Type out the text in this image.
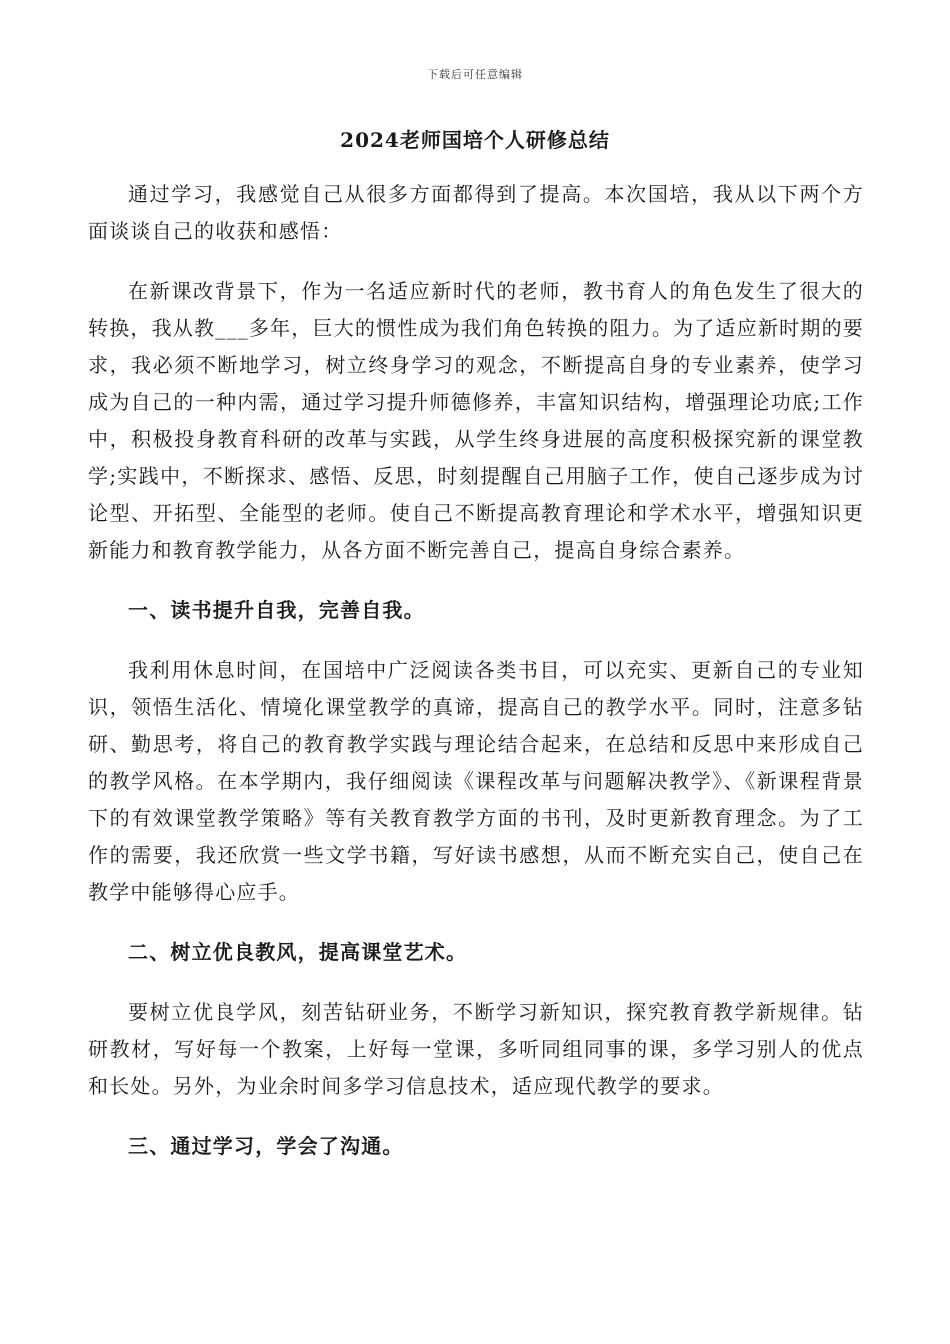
下载后可任意编辑
2024老师国培个人研修总结

通过学习，我感觉自己从很多方面都得到了提高。本次国培，我从以下两个方面谈谈自己的收获和感悟：

在新课改背景下，作为一名适应新时代的老师，教书育人的角色发生了很大的转换，我从教___多年，巨大的惯性成为我们角色转换的阻力。为了适应新时期的要求，我必须不断地学习，树立终身学习的观念，不断提高自身的专业素养，使学习成为自己的一种内需，通过学习提升师德修养，丰富知识结构，增强理论功底;工作中，积极投身教育科研的改革与实践，从学生终身进展的高度积极探究新的课堂教学;实践中，不断探求、感悟、反思，时刻提醒自己用脑子工作，使自己逐步成为讨论型、开拓型、全能型的老师。使自己不断提高教育理论和学术水平，增强知识更新能力和教育教学能力，从各方面不断完善自己，提高自身综合素养。

一、读书提升自我，完善自我。

我利用休息时间，在国培中广泛阅读各类书目，可以充实、更新自己的专业知识，领悟生活化、情境化课堂教学的真谛，提高自己的教学水平。同时，注意多钻研、勤思考，将自己的教育教学实践与理论结合起来，在总结和反思中来形成自己的教学风格。在本学期内，我仔细阅读《课程改革与问题解决教学》、《新课程背景下的有效课堂教学策略》等有关教育教学方面的书刊，及时更新教育理念。为了工作的需要，我还欣赏一些文学书籍，写好读书感想，从而不断充实自己，使自己在教学中能够得心应手。

二、树立优良教风，提高课堂艺术。

要树立优良学风，刻苦钻研业务，不断学习新知识，探究教育教学新规律。钻研教材，写好每一个教案，上好每一堂课，多听同组同事的课，多学习别人的优点和长处。另外，为业余时间多学习信息技术，适应现代教学的要求。

三、通过学习，学会了沟通。
